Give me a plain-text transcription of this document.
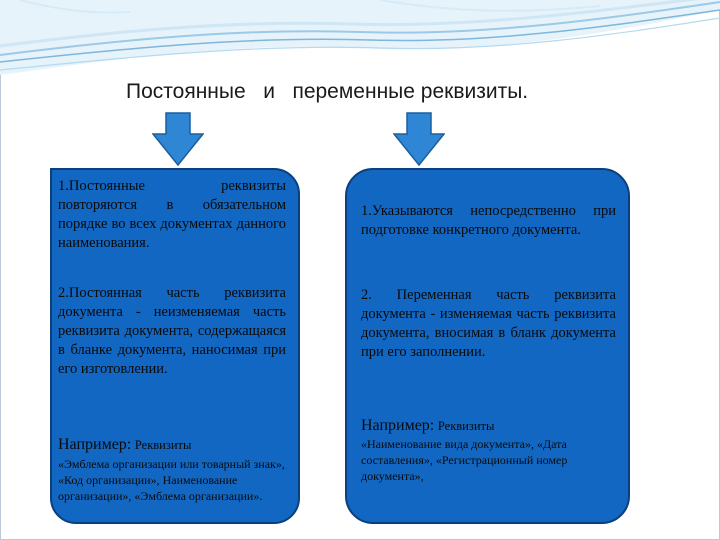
Постоянные и переменные реквизиты.
1.Постоянные реквизиты повторяются в обязательном порядке во всех документах данного наименования.
2.Постоянная часть реквизита документа - неизменяемая часть реквизита документа, содержащаяся в бланке документа, наносимая при его изготовлении.
Например: Реквизиты
«Эмблема организации или товарный знак», «Код организации», Наименование организации», «Эмблема организации».
1.Указываются непосредственно при подготовке конкретного документа.
2. Переменная часть реквизита документа - изменяемая часть реквизита документа, вносимая в бланк документа при его заполнении.
Например: Реквизиты
«Наименование вида документа», «Дата составления», «Регистрационный номер документа»,
